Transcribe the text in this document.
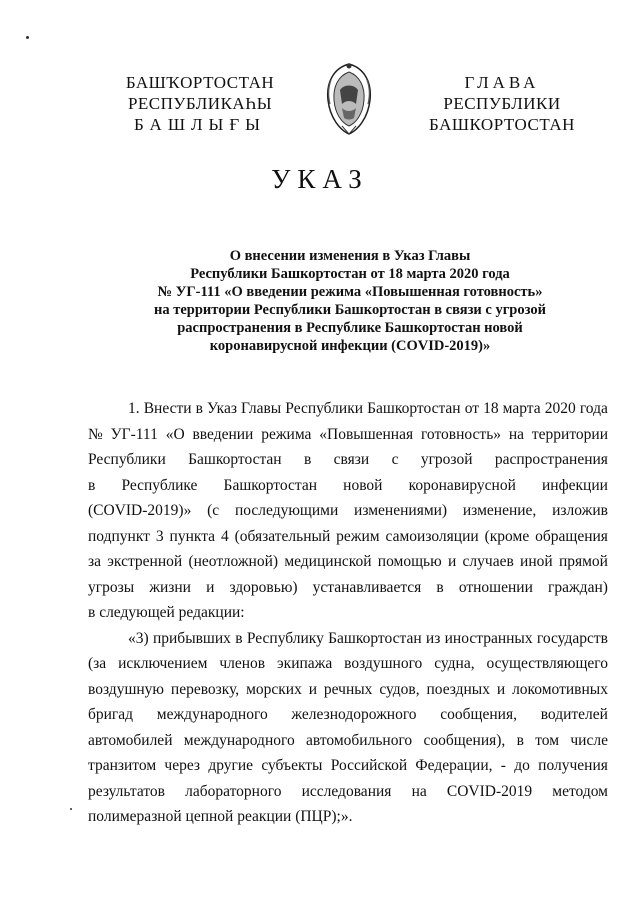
БАШҠОРТОСТАН
РЕСПУБЛИКАҺЫ
БАШЛЫҒЫ
ГЛАВА
РЕСПУБЛИКИ
БАШКОРТОСТАН
УКАЗ
О внесении изменения в Указ Главы
Республики Башкортостан от 18 марта 2020 года
№ УГ-111 «О введении режима «Повышенная готовность»
на территории Республики Башкортостан в связи с угрозой
распространения в Республике Башкортостан новой
коронавирусной инфекции (COVID-2019)»
1. Внести в Указ Главы Республики Башкортостан от 18 марта 2020 года
№ УГ-111 «О введении режима «Повышенная готовность» на территории
Республики Башкортостан в связи с угрозой распространения
в Республике Башкортостан новой коронавирусной инфекции
(COVID-2019)» (с последующими изменениями) изменение, изложив
подпункт 3 пункта 4 (обязательный режим самоизоляции (кроме обращения
за экстренной (неотложной) медицинской помощью и случаев иной прямой
угрозы жизни и здоровью) устанавливается в отношении граждан)
в следующей редакции:
«3) прибывших в Республику Башкортостан из иностранных государств
(за исключением членов экипажа воздушного судна, осуществляющего
воздушную перевозку, морских и речных судов, поездных и локомотивных
бригад международного железнодорожного сообщения, водителей
автомобилей международного автомобильного сообщения), в том числе
транзитом через другие субъекты Российской Федерации, - до получения
результатов лабораторного исследования на COVID-2019 методом
полимеразной цепной реакции (ПЦР);».
